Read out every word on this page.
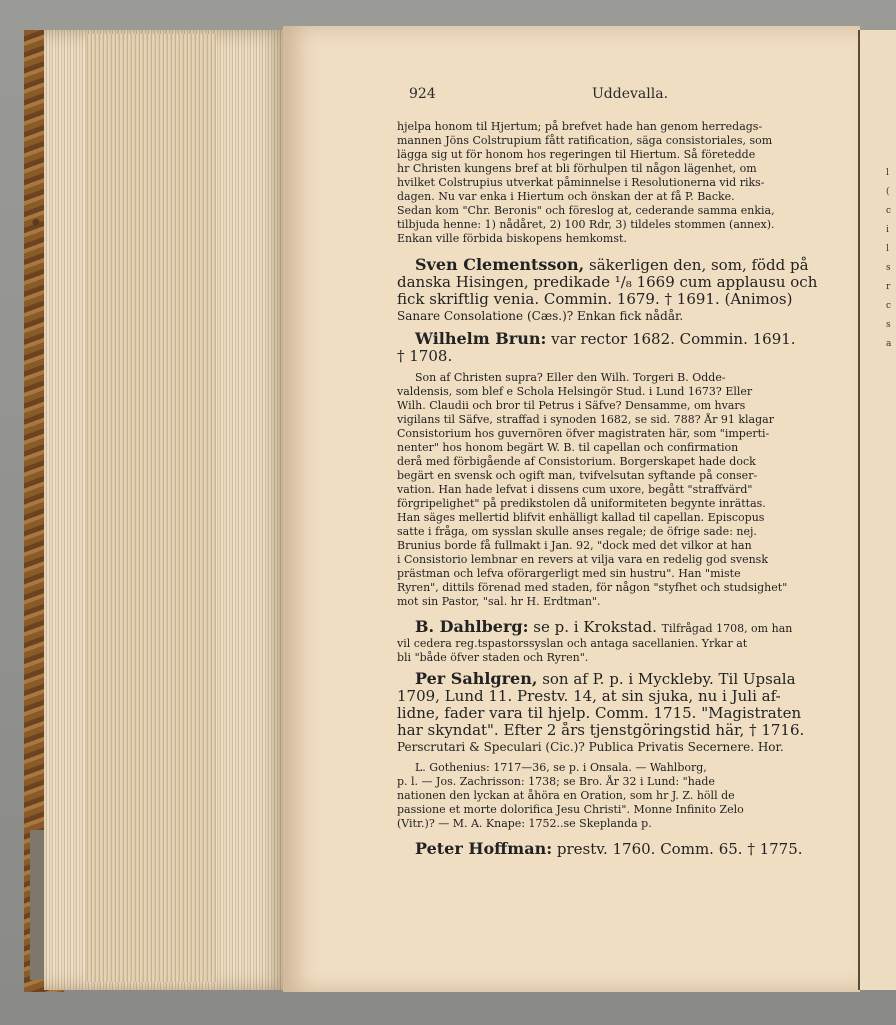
l
(
c
i
l
s
r
c
s
a
924	Uddevalla.
hjelpa honom til Hjertum; på brefvet hade han genom herredags-
mannen Jöns Colstrupium fått ratification, säga consistoriales, som
lägga sig ut för honom hos regeringen til Hiertum. Så företedde
hr Christen kungens bref at bli förhulpen til någon lägenhet, om
hvilket Colstrupius utverkat påminnelse i Resolutionerna vid riks-
dagen. Nu var enka i Hiertum och önskan der at få P. Backe.
Sedan kom "Chr. Beronis" och föreslog at, cederande samma enkia,
tilbjuda henne: 1) nådåret, 2) 100 Rdr, 3) tildeles stommen (annex).
Enkan ville förbida biskopens hemkomst.
Sven Clementsson, säkerligen den, som, född på
danska Hisingen, predikade ¹/₈ 1669 cum applausu och
fick skriftlig venia. Commin. 1679. † 1691. (Animos)
Sanare Consolatione (Cæs.)? Enkan fick nådår.
Wilhelm Brun: var rector 1682. Commin. 1691.
† 1708.
Son af Christen supra? Eller den Wilh. Torgeri B. Odde-
valdensis, som blef e Schola Helsingör Stud. i Lund 1673? Eller
Wilh. Claudii och bror til Petrus i Säfve? Densamme, om hvars
vigilans til Säfve, straffad i synoden 1682, se sid. 788? År 91 klagar
Consistorium hos guvernören öfver magistraten här, som "imperti-
nenter" hos honom begärt W. B. til capellan och confirmation
derå med förbigående af Consistorium. Borgerskapet hade dock
begärt en svensk och ogift man, tvifvelsutan syftande på conser-
vation. Han hade lefvat i dissens cum uxore, begått "straffvärd"
förgripelighet" på predikstolen då uniformiteten begynte inrättas.
Han säges mellertid blifvit enhälligt kallad til capellan. Episcopus
satte i fråga, om sysslan skulle anses regale; de öfrige sade: nej.
Brunius borde få fullmakt i Jan. 92, "dock med det vilkor at han
i Consistorio lembnar en revers at vilja vara en redelig god svensk
prästman och lefva oförargerligt med sin hustru". Han "miste
Ryren", dittils förenad med staden, för någon "styfhet och studsighet"
mot sin Pastor, "sal. hr H. Erdtman".
B. Dahlberg: se p. i Krokstad. Tilfrågad 1708, om han
vil cedera reg.tspastorssyslan och antaga sacellanien. Yrkar at
bli "både öfver staden och Ryren".
Per Sahlgren, son af P. p. i Myckleby. Til Upsala
1709, Lund 11. Prestv. 14, at sin sjuka, nu i Juli af-
lidne, fader vara til hjelp. Comm. 1715. "Magistraten
har skyndat". Efter 2 års tjenstgöringstid här, † 1716.
Perscrutari & Speculari (Cic.)? Publica Privatis Secernere. Hor.
L. Gothenius: 1717—36, se p. i Onsala. — Wahlborg,
p. l. — Jos. Zachrisson: 1738; se Bro. År 32 i Lund: "hade
nationen den lyckan at åhöra en Oration, som hr J. Z. höll de
passione et morte dolorifica Jesu Christi". Monne Infinito Zelo
(Vitr.)? — M. A. Knape: 1752..se Skeplanda p.
Peter Hoffman: prestv. 1760. Comm. 65. † 1775.
